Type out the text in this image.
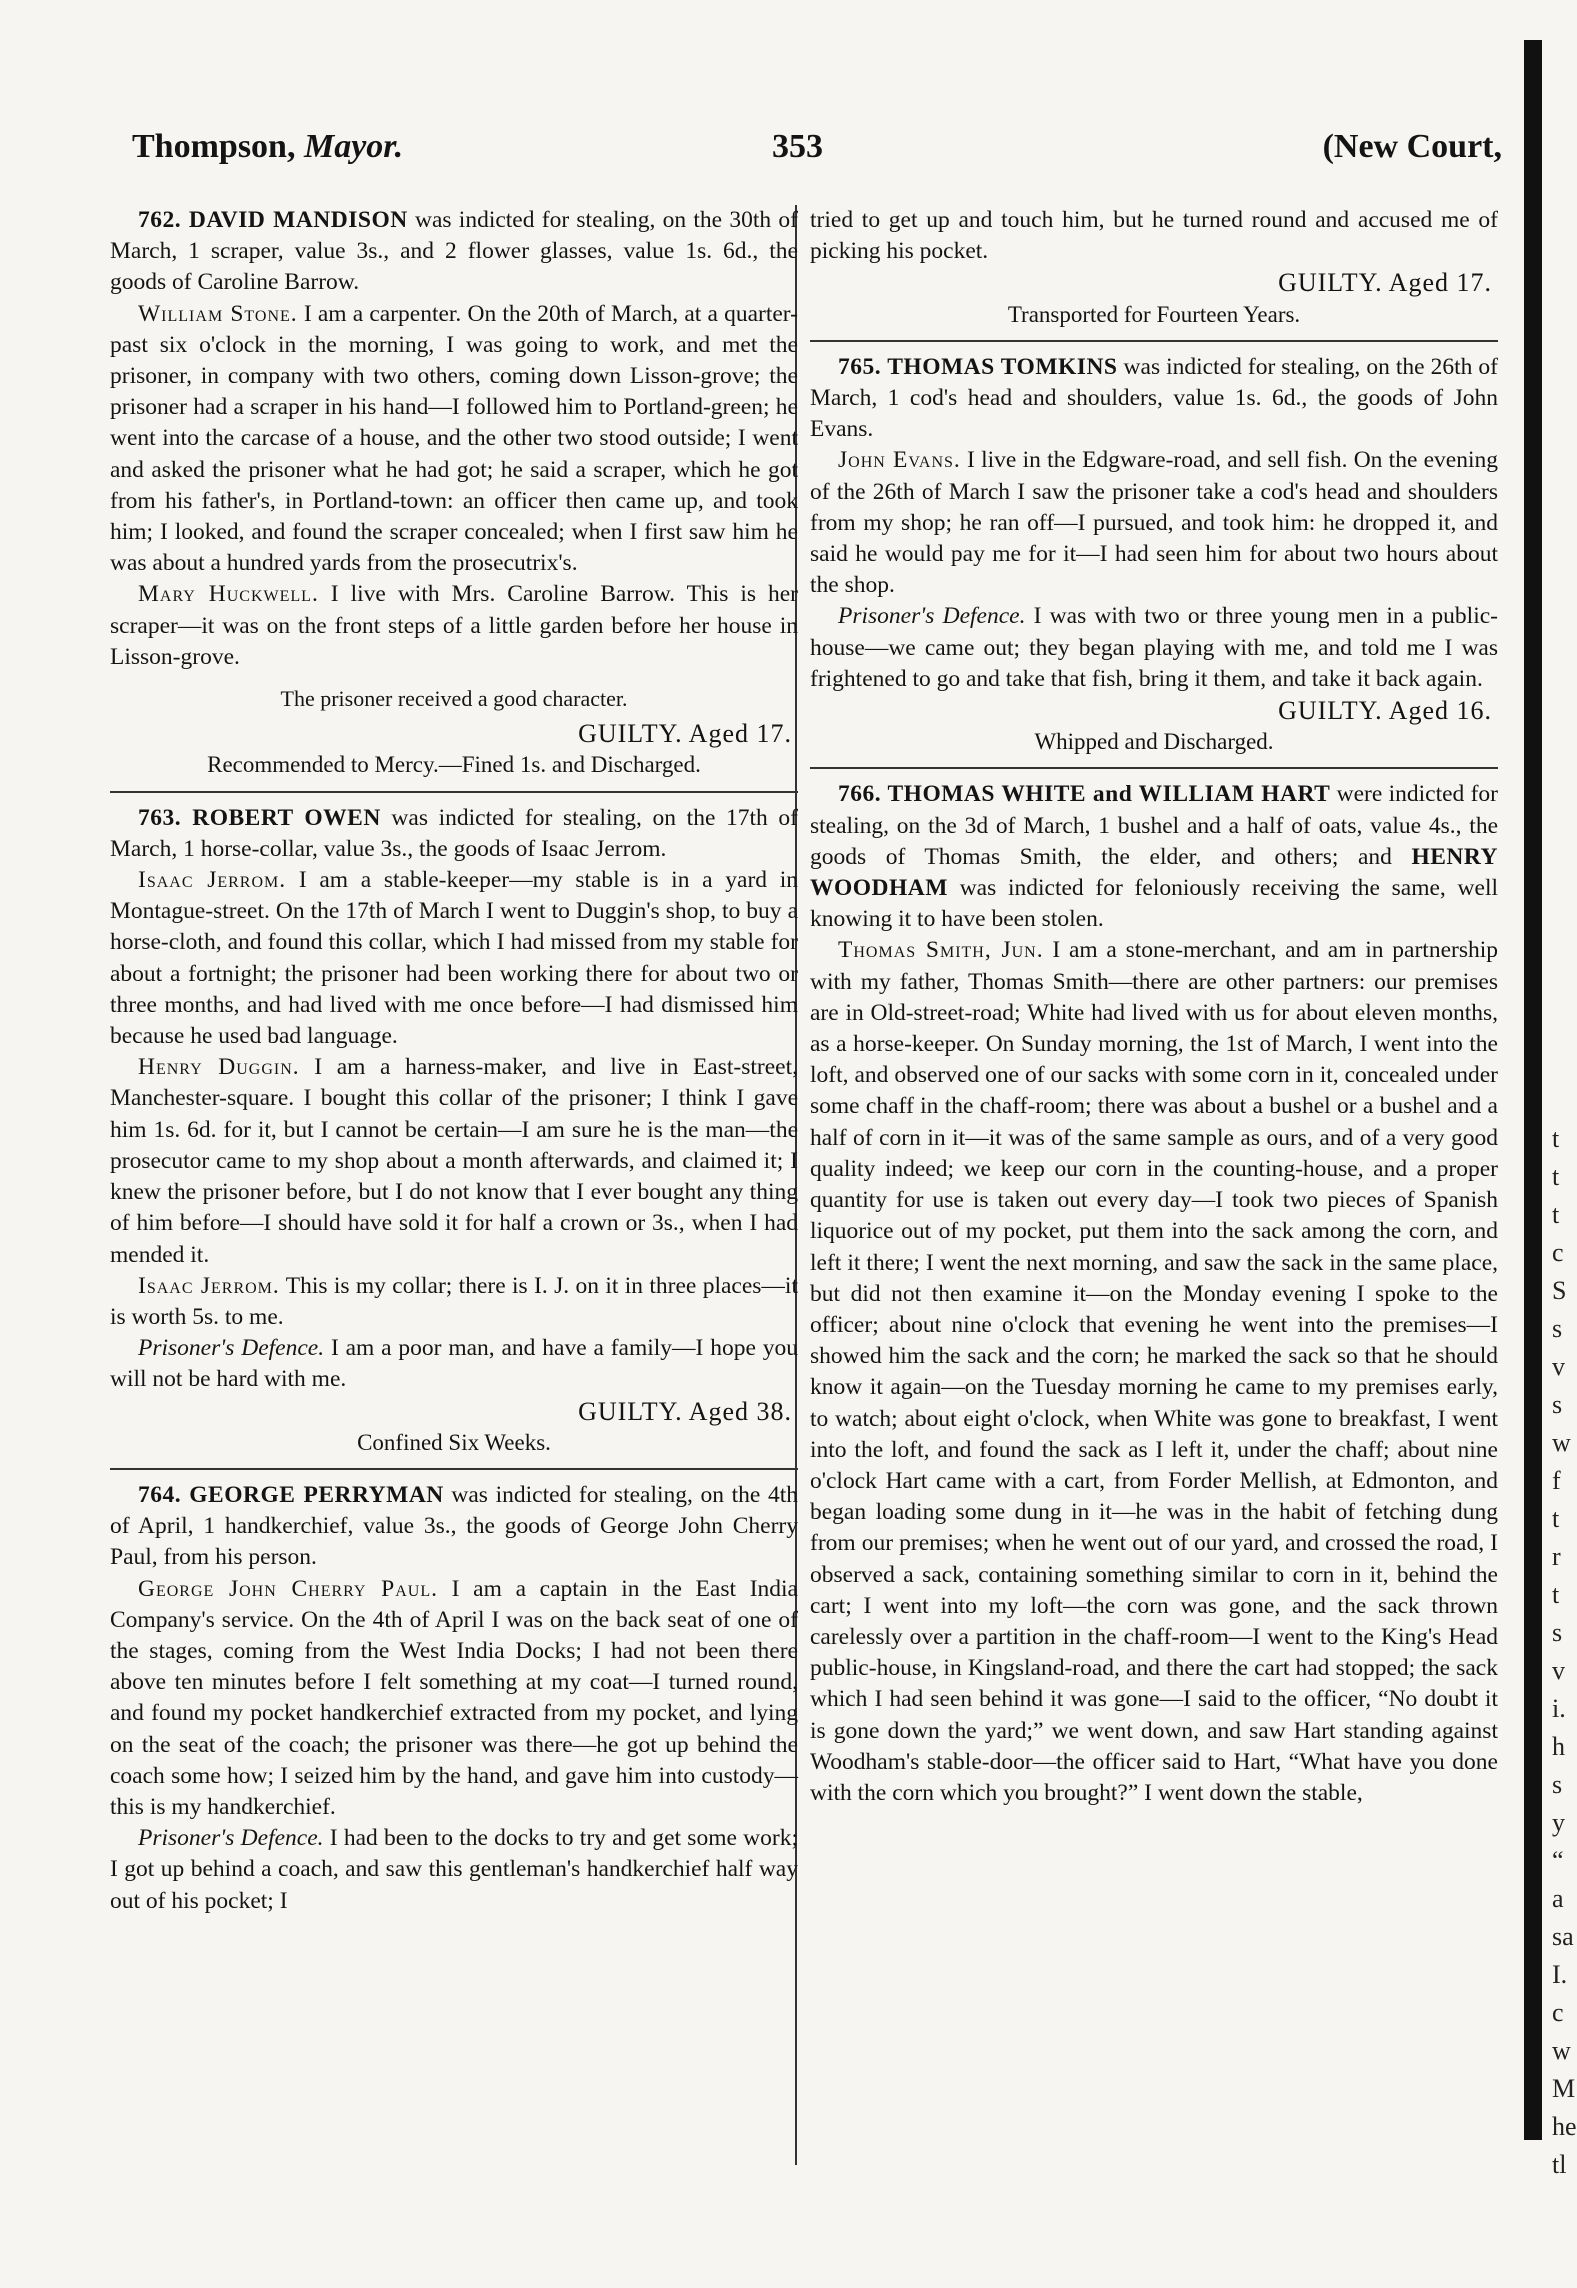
t
t
t
c
S
s
v
s
w
f
t
r
t
s
v
i.
h
s
y
“
a
sa
I.
c
w
M
he
tl
Thompson, Mayor.	353	(New Court,

762. DAVID MANDISON was indicted for stealing, on the 30th of March, 1 scraper, value 3s., and 2 flower glasses, value 1s. 6d., the goods of Caroline Barrow.

William Stone. I am a carpenter. On the 20th of March, at a quarter-past six o'clock in the morning, I was going to work, and met the prisoner, in company with two others, coming down Lisson-grove; the prisoner had a scraper in his hand—I followed him to Portland-green; he went into the carcase of a house, and the other two stood outside; I went and asked the prisoner what he had got; he said a scraper, which he got from his father's, in Portland-town: an officer then came up, and took him; I looked, and found the scraper concealed; when I first saw him he was about a hundred yards from the prosecutrix's.

Mary Huckwell. I live with Mrs. Caroline Barrow. This is her scraper—it was on the front steps of a little garden before her house in Lisson-grove.

The prisoner received a good character.

GUILTY. Aged 17.

Recommended to Mercy.—Fined 1s. and Discharged.

763. ROBERT OWEN was indicted for stealing, on the 17th of March, 1 horse-collar, value 3s., the goods of Isaac Jerrom.

Isaac Jerrom. I am a stable-keeper—my stable is in a yard in Montague-street. On the 17th of March I went to Duggin's shop, to buy a horse-cloth, and found this collar, which I had missed from my stable for about a fortnight; the prisoner had been working there for about two or three months, and had lived with me once before—I had dismissed him because he used bad language.

Henry Duggin. I am a harness-maker, and live in East-street, Manchester-square. I bought this collar of the prisoner; I think I gave him 1s. 6d. for it, but I cannot be certain—I am sure he is the man—the prosecutor came to my shop about a month afterwards, and claimed it; I knew the prisoner before, but I do not know that I ever bought any thing of him before—I should have sold it for half a crown or 3s., when I had mended it.

Isaac Jerrom. This is my collar; there is I. J. on it in three places—it is worth 5s. to me.

Prisoner's Defence. I am a poor man, and have a family—I hope you will not be hard with me.

GUILTY. Aged 38.

Confined Six Weeks.

764. GEORGE PERRYMAN was indicted for stealing, on the 4th of April, 1 handkerchief, value 3s., the goods of George John Cherry Paul, from his person.

George John Cherry Paul. I am a captain in the East India Company's service. On the 4th of April I was on the back seat of one of the stages, coming from the West India Docks; I had not been there above ten minutes before I felt something at my coat—I turned round, and found my pocket handkerchief extracted from my pocket, and lying on the seat of the coach; the prisoner was there—he got up behind the coach some how; I seized him by the hand, and gave him into custody—this is my handkerchief.

Prisoner's Defence. I had been to the docks to try and get some work; I got up behind a coach, and saw this gentleman's handkerchief half way out of his pocket; I

tried to get up and touch him, but he turned round and accused me of picking his pocket.

GUILTY. Aged 17.

Transported for Fourteen Years.

765. THOMAS TOMKINS was indicted for stealing, on the 26th of March, 1 cod's head and shoulders, value 1s. 6d., the goods of John Evans.

John Evans. I live in the Edgware-road, and sell fish. On the evening of the 26th of March I saw the prisoner take a cod's head and shoulders from my shop; he ran off—I pursued, and took him: he dropped it, and said he would pay me for it—I had seen him for about two hours about the shop.

Prisoner's Defence. I was with two or three young men in a public-house—we came out; they began playing with me, and told me I was frightened to go and take that fish, bring it them, and take it back again.

GUILTY. Aged 16.

Whipped and Discharged.

766. THOMAS WHITE and WILLIAM HART were indicted for stealing, on the 3d of March, 1 bushel and a half of oats, value 4s., the goods of Thomas Smith, the elder, and others; and HENRY WOODHAM was indicted for feloniously receiving the same, well knowing it to have been stolen.

Thomas Smith, Jun. I am a stone-merchant, and am in partnership with my father, Thomas Smith—there are other partners: our premises are in Old-street-road; White had lived with us for about eleven months, as a horse-keeper. On Sunday morning, the 1st of March, I went into the loft, and observed one of our sacks with some corn in it, concealed under some chaff in the chaff-room; there was about a bushel or a bushel and a half of corn in it—it was of the same sample as ours, and of a very good quality indeed; we keep our corn in the counting-house, and a proper quantity for use is taken out every day—I took two pieces of Spanish liquorice out of my pocket, put them into the sack among the corn, and left it there; I went the next morning, and saw the sack in the same place, but did not then examine it—on the Monday evening I spoke to the officer; about nine o'clock that evening he went into the premises—I showed him the sack and the corn; he marked the sack so that he should know it again—on the Tuesday morning he came to my premises early, to watch; about eight o'clock, when White was gone to breakfast, I went into the loft, and found the sack as I left it, under the chaff; about nine o'clock Hart came with a cart, from Forder Mellish, at Edmonton, and began loading some dung in it—he was in the habit of fetching dung from our premises; when he went out of our yard, and crossed the road, I observed a sack, containing something similar to corn in it, behind the cart; I went into my loft—the corn was gone, and the sack thrown carelessly over a partition in the chaff-room—I went to the King's Head public-house, in Kingsland-road, and there the cart had stopped; the sack which I had seen behind it was gone—I said to the officer, “No doubt it is gone down the yard;” we went down, and saw Hart standing against Woodham's stable-door—the officer said to Hart, “What have you done with the corn which you brought?” I went down the stable,
